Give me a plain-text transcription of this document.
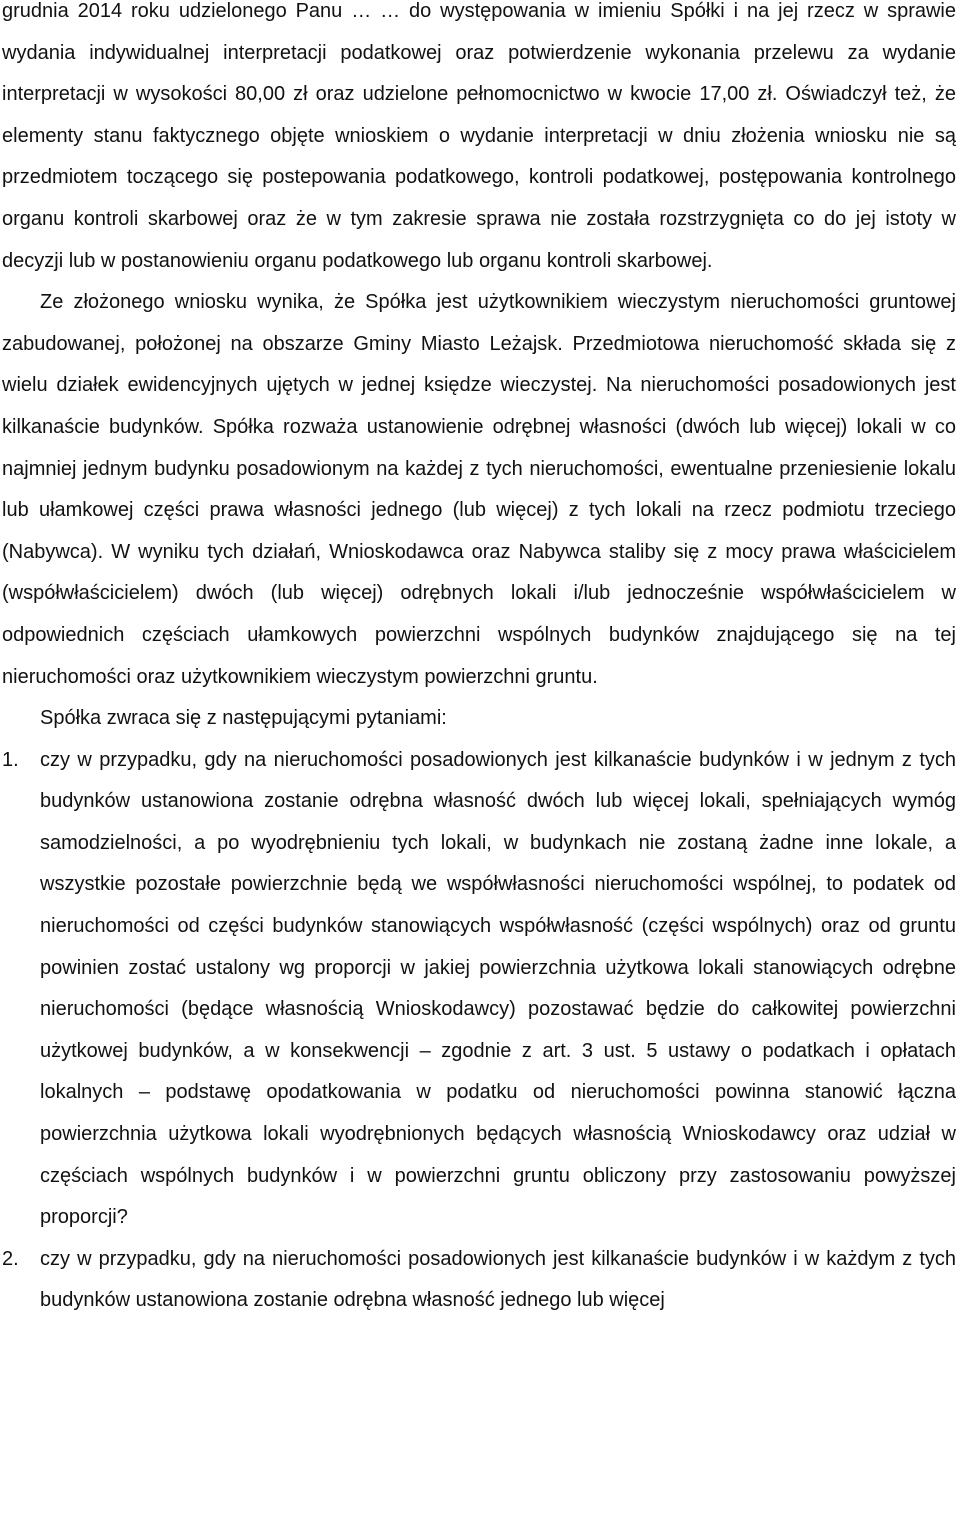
grudnia 2014 roku udzielonego Panu … … do występowania w imieniu Spółki i na jej rzecz w sprawie wydania indywidualnej interpretacji podatkowej oraz potwierdzenie wykonania przelewu za wydanie interpretacji w wysokości 80,00 zł oraz udzielone pełnomocnictwo w kwocie 17,00 zł. Oświadczył też, że elementy stanu faktycznego objęte wnioskiem o wydanie interpretacji w dniu złożenia wniosku nie są przedmiotem toczącego się postepowania podatkowego, kontroli podatkowej, postępowania kontrolnego organu kontroli skarbowej oraz że w tym zakresie sprawa nie została rozstrzygnięta co do jej istoty w decyzji lub w postanowieniu organu podatkowego lub organu kontroli skarbowej.

Ze złożonego wniosku wynika, że Spółka jest użytkownikiem wieczystym nieruchomości gruntowej zabudowanej, położonej na obszarze Gminy Miasto Leżajsk. Przedmiotowa nieruchomość składa się z wielu działek ewidencyjnych ujętych w jednej księdze wieczystej. Na nieruchomości posadowionych jest kilkanaście budynków. Spółka rozważa ustanowienie odrębnej własności (dwóch lub więcej) lokali w co najmniej jednym budynku posadowionym na każdej z tych nieruchomości, ewentualne przeniesienie lokalu lub ułamkowej części prawa własności jednego (lub więcej) z tych lokali na rzecz podmiotu trzeciego (Nabywca). W wyniku tych działań, Wnioskodawca oraz Nabywca staliby się z mocy prawa właścicielem (współwłaścicielem) dwóch (lub więcej) odrębnych lokali i/lub jednocześnie współwłaścicielem w odpowiednich częściach ułamkowych powierzchni wspólnych budynków znajdującego się na tej nieruchomości oraz użytkownikiem wieczystym powierzchni gruntu.

Spółka zwraca się z następującymi pytaniami:

1. czy w przypadku, gdy na nieruchomości posadowionych jest kilkanaście budynków i w jednym z tych budynków ustanowiona zostanie odrębna własność dwóch lub więcej lokali, spełniających wymóg samodzielności, a po wyodrębnieniu tych lokali, w budynkach nie zostaną żadne inne lokale, a wszystkie pozostałe powierzchnie będą we współwłasności nieruchomości wspólnej, to podatek od nieruchomości od części budynków stanowiących współwłasność (części wspólnych) oraz od gruntu powinien zostać ustalony wg proporcji w jakiej powierzchnia użytkowa lokali stanowiących odrębne nieruchomości (będące własnością Wnioskodawcy) pozostawać będzie do całkowitej powierzchni użytkowej budynków, a w konsekwencji – zgodnie z art. 3 ust. 5 ustawy o podatkach i opłatach lokalnych – podstawę opodatkowania w podatku od nieruchomości powinna stanowić łączna powierzchnia użytkowa lokali wyodrębnionych będących własnością Wnioskodawcy oraz udział w częściach wspólnych budynków i w powierzchni gruntu obliczony przy zastosowaniu powyższej proporcji?
2. czy w przypadku, gdy na nieruchomości posadowionych jest kilkanaście budynków i w każdym z tych budynków ustanowiona zostanie odrębna własność jednego lub więcej
